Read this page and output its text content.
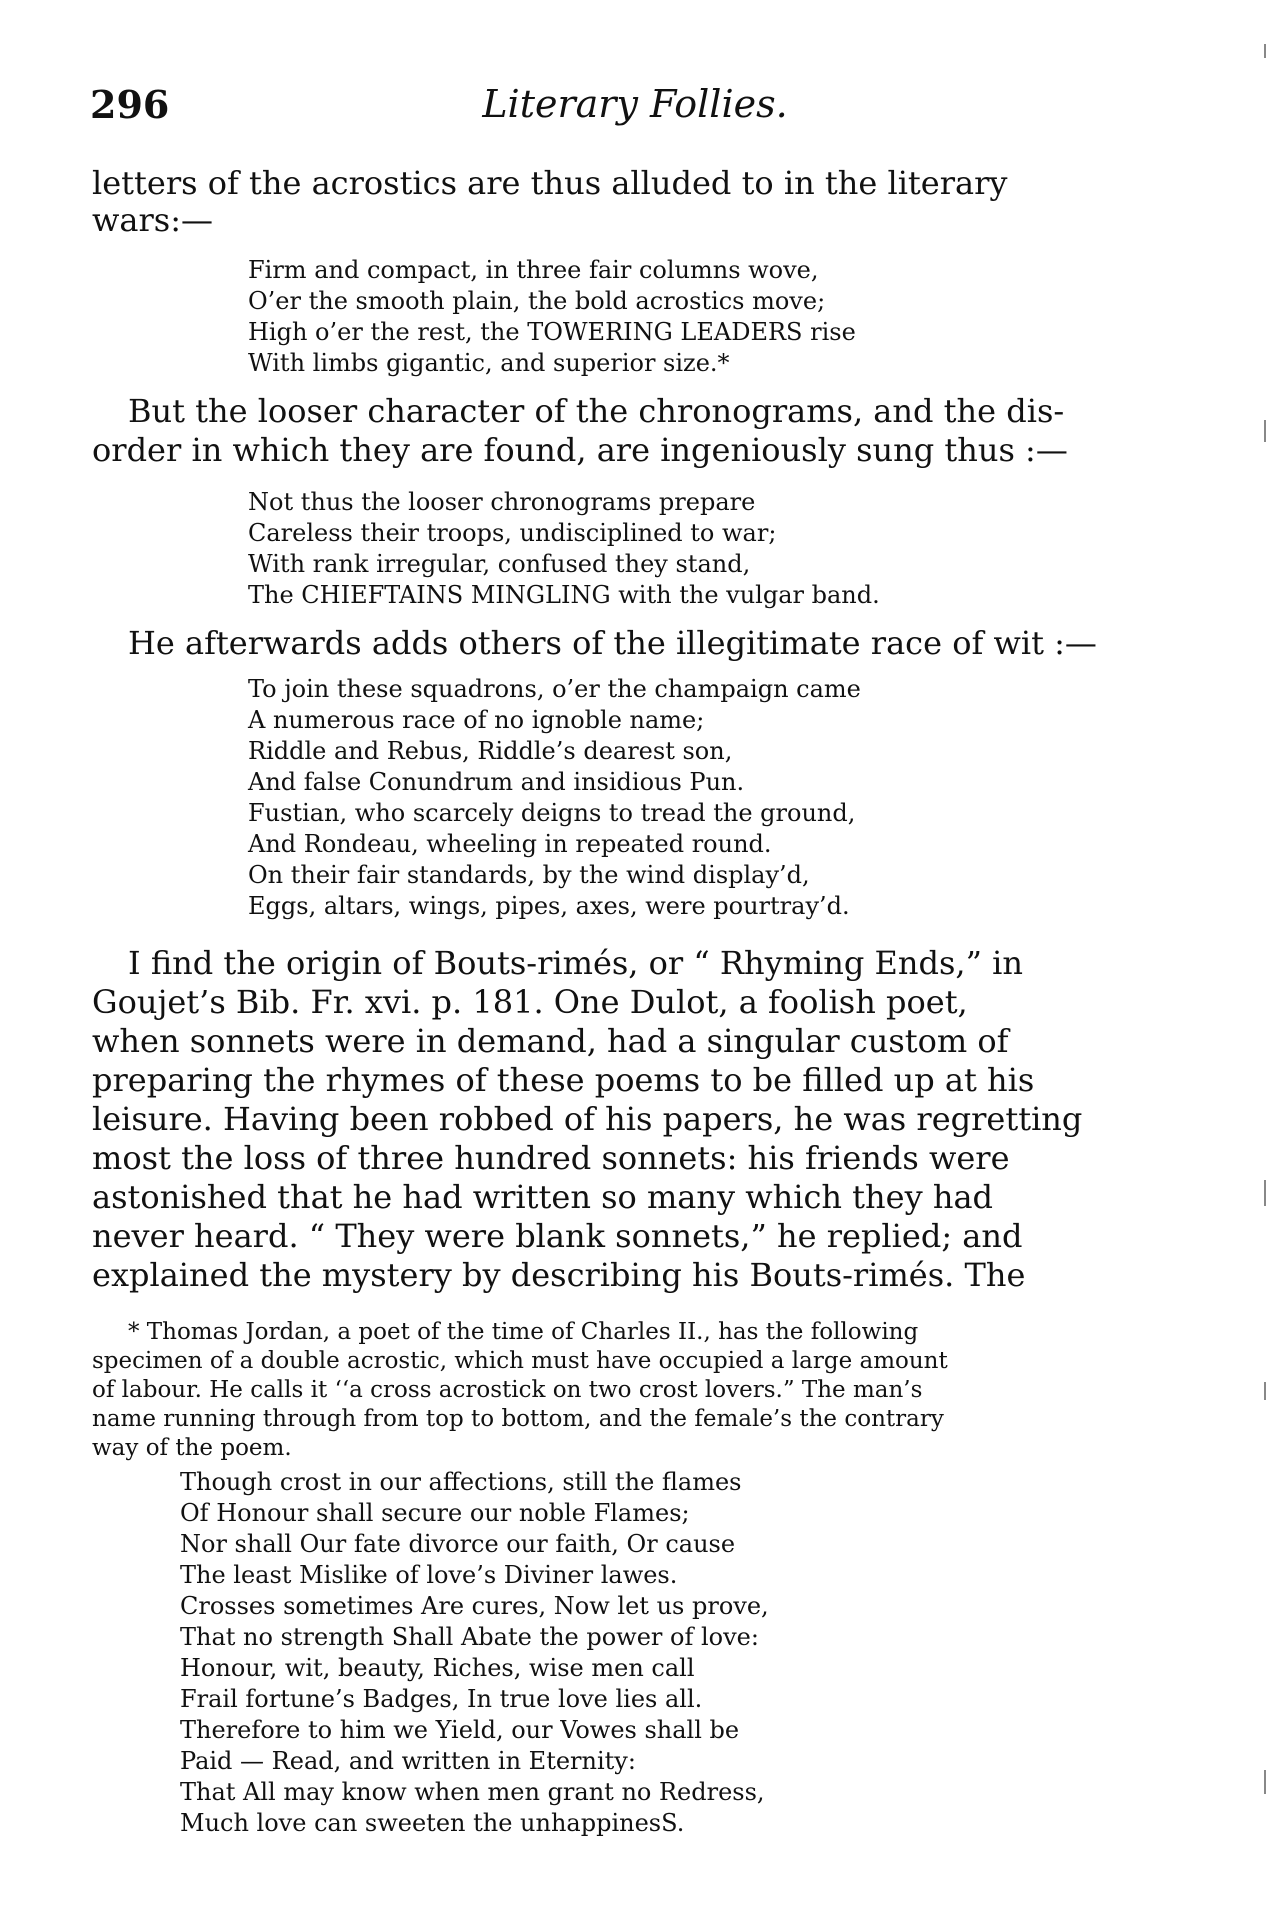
296	Literary Follies.
letters of the acrostics are thus alluded to in the literary
wars:—
Firm and compact, in three fair columns wove,
O’er the smooth plain, the bold acrostics move;
High o’er the rest, the TOWERING LEADERS rise
With limbs gigantic, and superior size.*
But the looser character of the chronograms, and the dis-
order in which they are found, are ingeniously sung thus :—
Not thus the looser chronograms prepare
Careless their troops, undisciplined to war;
With rank irregular, confused they stand,
The CHIEFTAINS MINGLING with the vulgar band.
He afterwards adds others of the illegitimate race of wit :—
To join these squadrons, o’er the champaign came
A numerous race of no ignoble name;
Riddle and Rebus, Riddle’s dearest son,
And false Conundrum and insidious Pun.
Fustian, who scarcely deigns to tread the ground,
And Rondeau, wheeling in repeated round.
On their fair standards, by the wind display’d,
Eggs, altars, wings, pipes, axes, were pourtray’d.
I find the origin of Bouts-rimés, or “ Rhyming Ends,” in
Goujet’s Bib. Fr. xvi. p. 181. One Dulot, a foolish poet,
when sonnets were in demand, had a singular custom of
preparing the rhymes of these poems to be filled up at his
leisure. Having been robbed of his papers, he was regretting
most the loss of three hundred sonnets: his friends were
astonished that he had written so many which they had
never heard. “ They were blank sonnets,” he replied; and
explained the mystery by describing his Bouts-rimés. The
* Thomas Jordan, a poet of the time of Charles II., has the following
specimen of a double acrostic, which must have occupied a large amount
of labour. He calls it ‘‘a cross acrostick on two crost lovers.” The man’s
name running through from top to bottom, and the female’s the contrary
way of the poem.
Though crost in our affections, still the flames
Of Honour shall secure our noble Flames;
Nor shall Our fate divorce our faith, Or cause
The least Mislike of love’s Diviner lawes.
Crosses sometimes Are cures, Now let us prove,
That no strength Shall Abate the power of love:
Honour, wit, beauty, Riches, wise men call
Frail fortune’s Badges, In true love lies all.
Therefore to him we Yield, our Vowes shall be
Paid — Read, and written in Eternity:
That All may know when men grant no Redress,
Much love can sweeten the unhappinesS.
